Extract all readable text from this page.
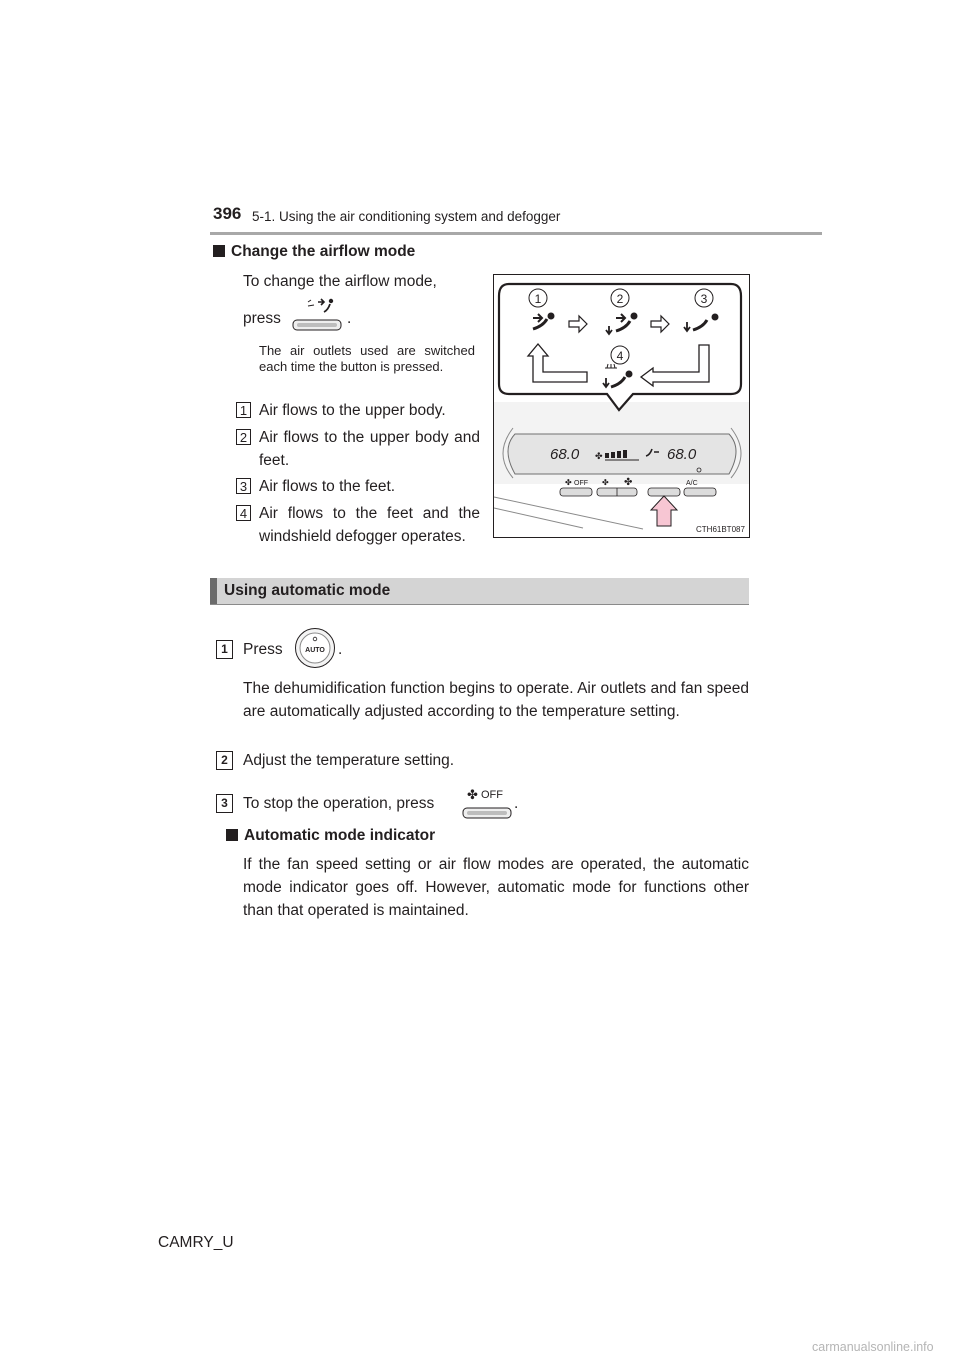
396 5-1. Using the air conditioning system and defogger
Change the airflow mode
To change the airflow mode,
press	.
The air outlets used are switched each time the button is pressed.
1 Air flows to the upper body.
2 Air flows to the upper body and feet.
3 Air flows to the feet.
4 Air flows to the feet and the windshield defogger operates.
68.0	68.0
✤
✤ OFF ✤ ✤	A/C
CTH61BT087
1	2	3
4
Using automatic mode
1 Press	AUTO .
The dehumidification function begins to operate. Air outlets and fan speed are automatically adjusted according to the temperature setting.
2 Adjust the temperature setting.
3 To stop the operation, press
✤ OFF .
Automatic mode indicator
If the fan speed setting or air flow modes are operated, the automatic mode indicator goes off. However, automatic mode for functions other than that operated is maintained.
CAMRY_U
carmanualsonline.info
